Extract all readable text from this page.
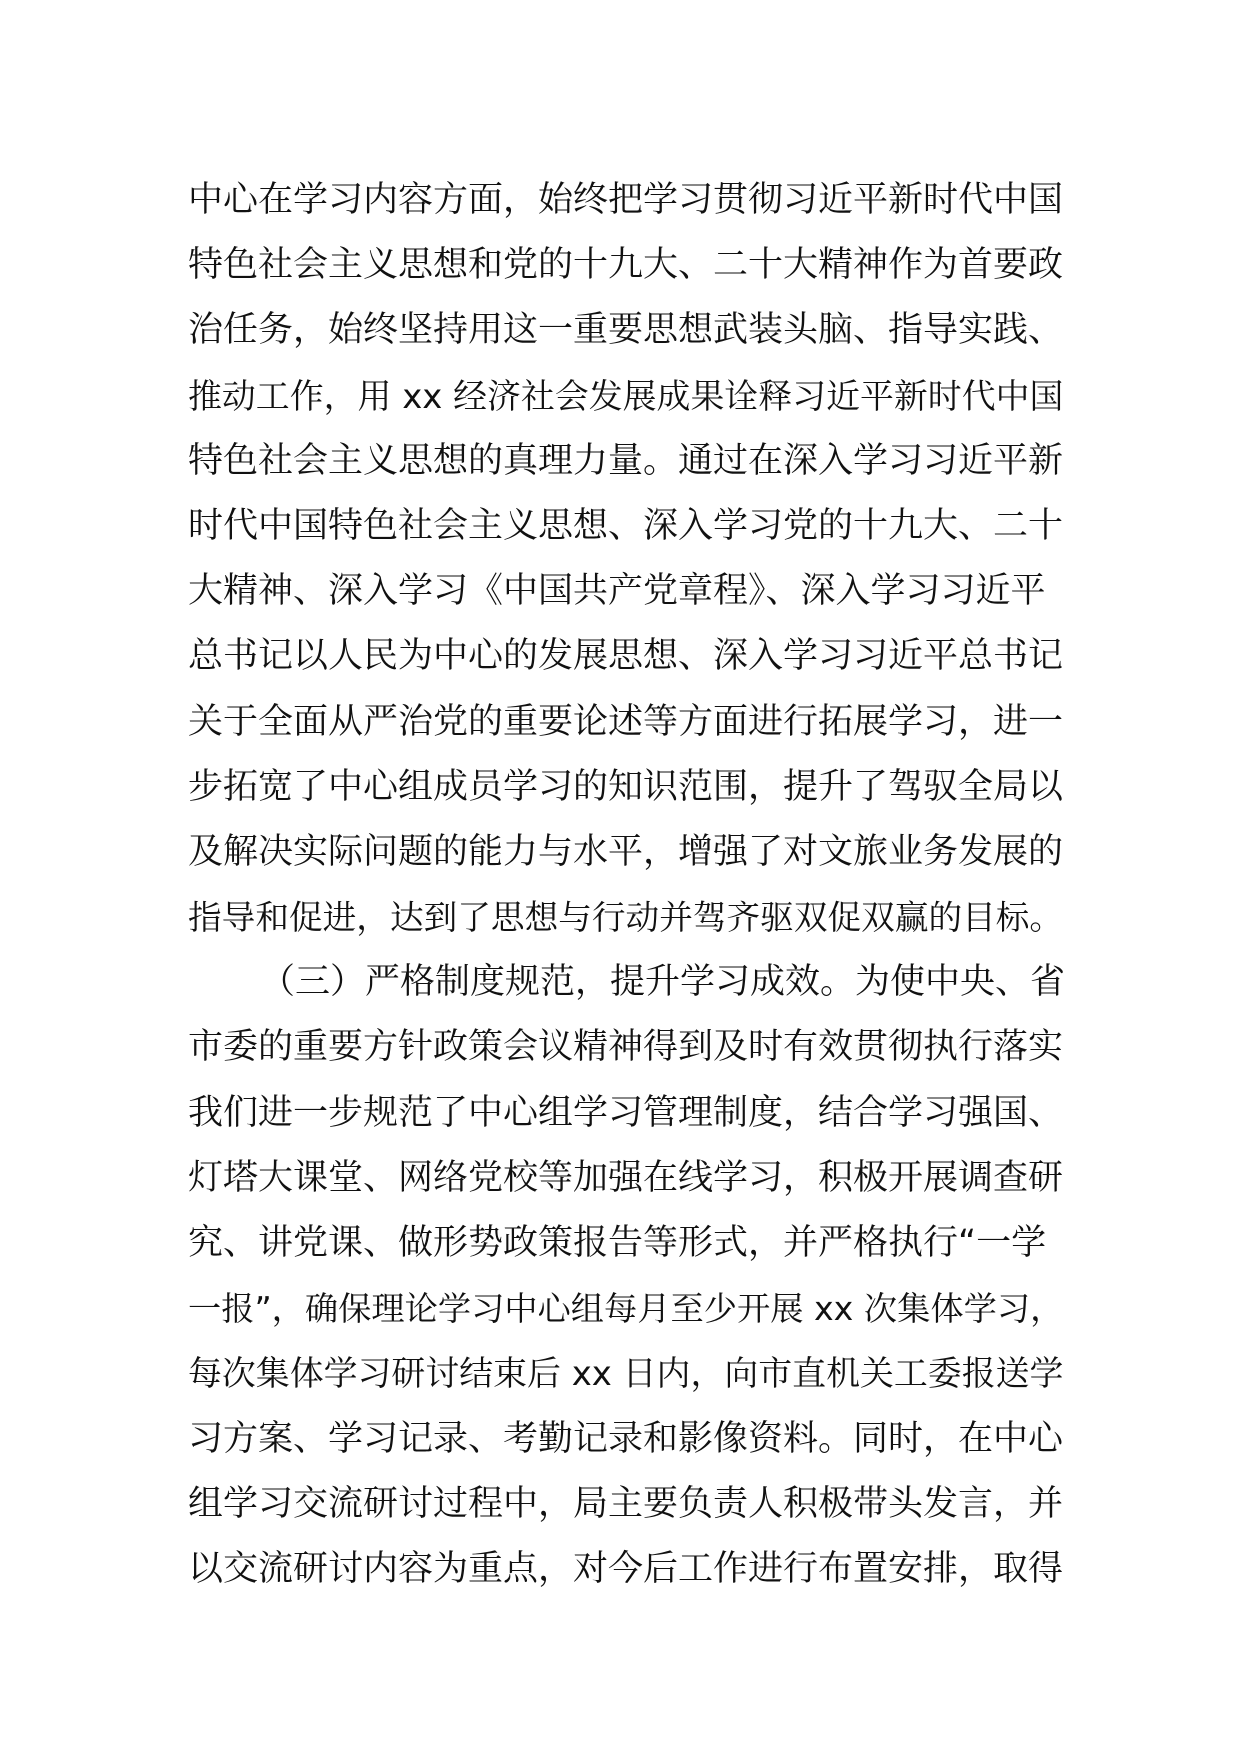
中心在学习内容方面，始终把学习贯彻习近平新时代中国
特色社会主义思想和党的十九大、二十大精神作为首要政
治任务，始终坚持用这一重要思想武装头脑、指导实践、
推动工作，用 xx 经济社会发展成果诠释习近平新时代中国
特色社会主义思想的真理力量。通过在深入学习习近平新
时代中国特色社会主义思想、深入学习党的十九大、二十
大精神、深入学习《中国共产党章程》、深入学习习近平
总书记以人民为中心的发展思想、深入学习习近平总书记
关于全面从严治党的重要论述等方面进行拓展学习，进一
步拓宽了中心组成员学习的知识范围，提升了驾驭全局以
及解决实际问题的能力与水平，增强了对文旅业务发展的
指导和促进，达到了思想与行动并驾齐驱双促双赢的目标。
（三）严格制度规范，提升学习成效。为使中央、省
市委的重要方针政策会议精神得到及时有效贯彻执行落实
我们进一步规范了中心组学习管理制度，结合学习强国、
灯塔大课堂、网络党校等加强在线学习，积极开展调查研
究、讲党课、做形势政策报告等形式，并严格执行“一学
一报”，确保理论学习中心组每月至少开展 xx 次集体学习，
每次集体学习研讨结束后 xx 日内，向市直机关工委报送学
习方案、学习记录、考勤记录和影像资料。同时，在中心
组学习交流研讨过程中，局主要负责人积极带头发言，并
以交流研讨内容为重点，对今后工作进行布置安排，取得
